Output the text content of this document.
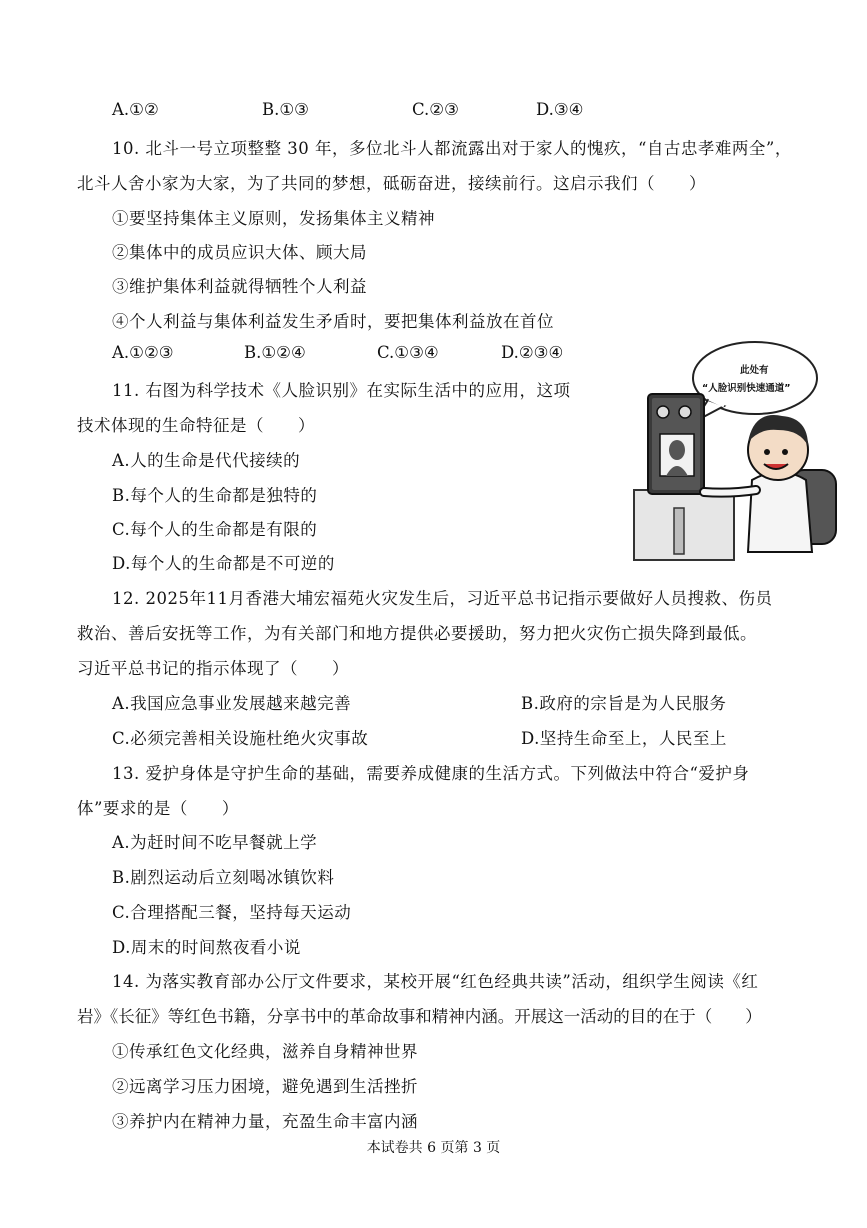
A.①②	B.①③	C.②③	D.③④
10. 北斗一号立项整整 30 年，多位北斗人都流露出对于家人的愧疚，“自古忠孝难两全”，
北斗人舍小家为大家，为了共同的梦想，砥砺奋进，接续前行。这启示我们（　　）
①要坚持集体主义原则，发扬集体主义精神
②集体中的成员应识大体、顾大局
③维护集体利益就得牺牲个人利益
④个人利益与集体利益发生矛盾时，要把集体利益放在首位
A.①②③	B.①②④	C.①③④	D.②③④
11. 右图为科学技术《人脸识别》在实际生活中的应用，这项
技术体现的生命特征是（　　）
A.人的生命是代代接续的
B.每个人的生命都是独特的
C.每个人的生命都是有限的
D.每个人的生命都是不可逆的
此处有
“人脸识别快速通道”
12. 2025年11月香港大埔宏福苑火灾发生后，习近平总书记指示要做好人员搜救、伤员
救治、善后安抚等工作，为有关部门和地方提供必要援助，努力把火灾伤亡损失降到最低。
习近平总书记的指示体现了（　　）
A.我国应急事业发展越来越完善	B.政府的宗旨是为人民服务
C.必须完善相关设施杜绝火灾事故	D.坚持生命至上，人民至上
13. 爱护身体是守护生命的基础，需要养成健康的生活方式。下列做法中符合“爱护身
体”要求的是（　　）
A.为赶时间不吃早餐就上学
B.剧烈运动后立刻喝冰镇饮料
C.合理搭配三餐，坚持每天运动
D.周末的时间熬夜看小说
14. 为落实教育部办公厅文件要求，某校开展“红色经典共读”活动，组织学生阅读《红
岩》《长征》等红色书籍，分享书中的革命故事和精神内涵。开展这一活动的目的在于（　　）
①传承红色文化经典，滋养自身精神世界
②远离学习压力困境，避免遇到生活挫折
③养护内在精神力量，充盈生命丰富内涵
本试卷共 6 页第 3 页
